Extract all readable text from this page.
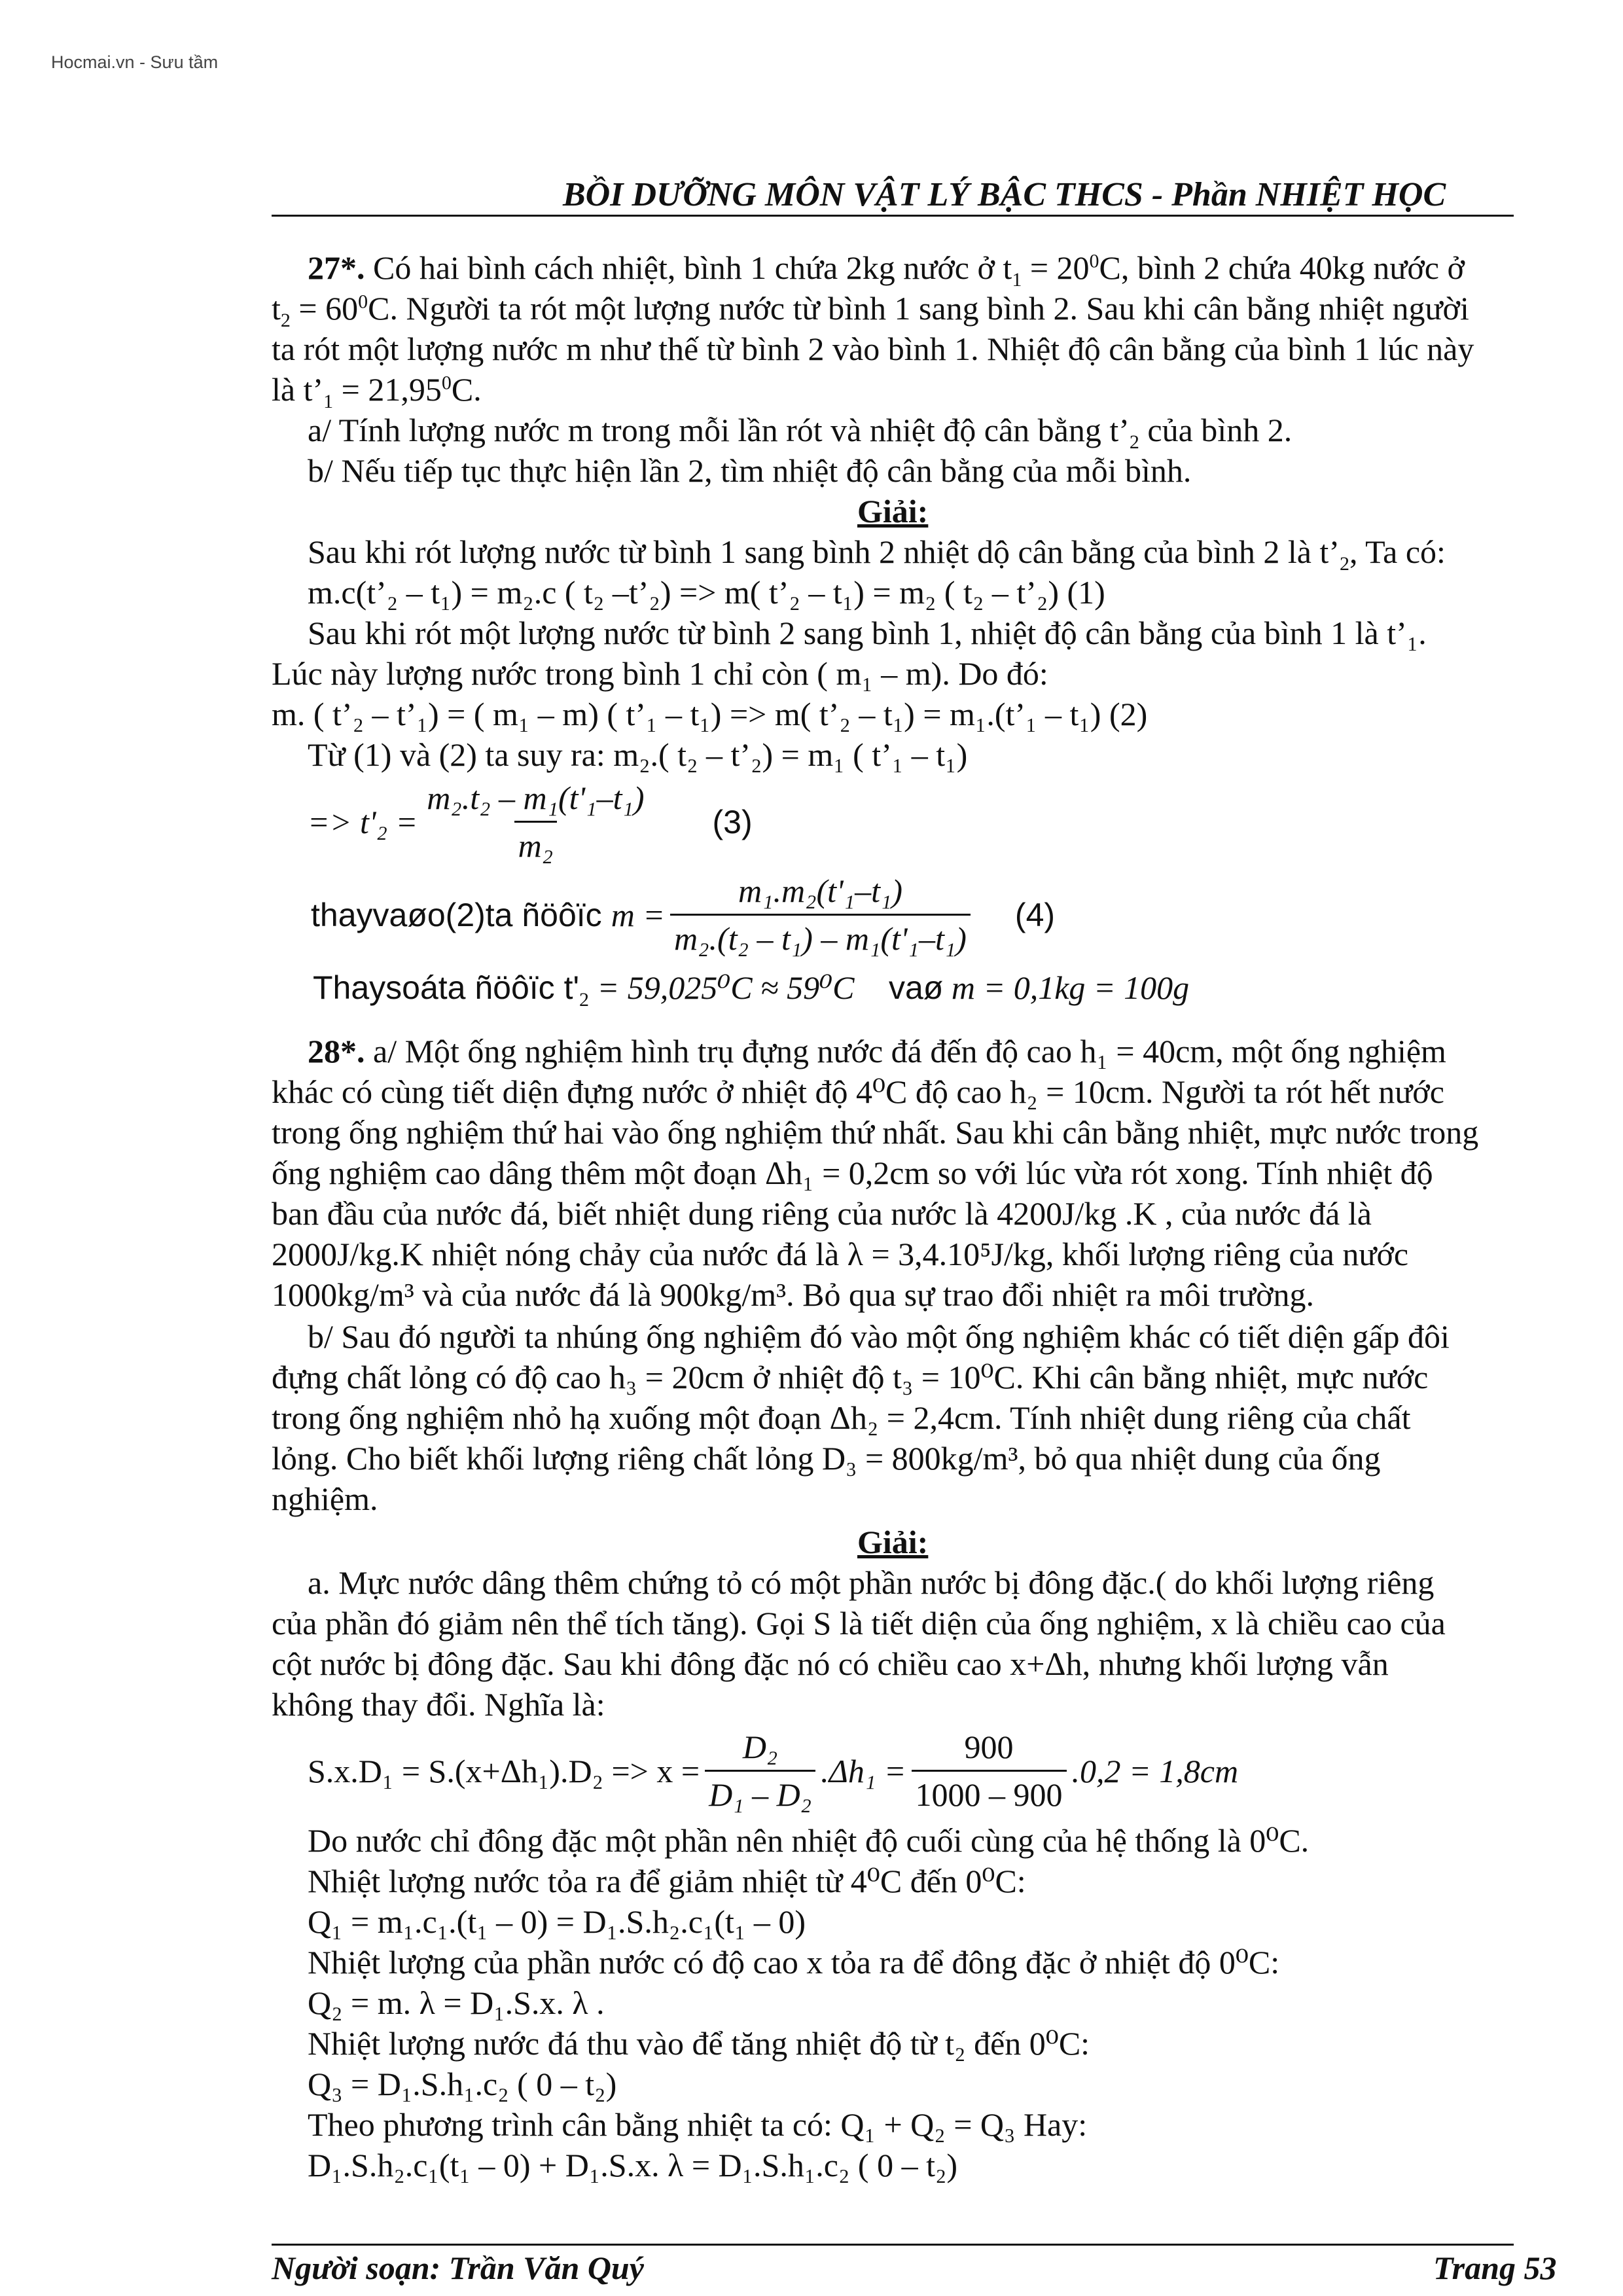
Hocmai.vn - Sưu tầm
BỒI DƯỠNG MÔN VẬT LÝ BẬC THCS - Phần NHIỆT HỌC
27*. Có hai bình cách nhiệt, bình 1 chứa 2kg nước ở $t_1 = 20^0C$, bình 2 chứa 40kg nước ở
$t_2 = 60^0C$. Người ta rót một lượng nước từ bình 1 sang bình 2. Sau khi cân bằng nhiệt người
ta rót một lượng nước m như thế từ bình 2 vào bình 1. Nhiệt độ cân bằng của bình 1 lúc này
là $t’_1 = 21,95^0C$.
a/ Tính lượng nước m trong mỗi lần rót và nhiệt độ cân bằng $t’_2$ của bình 2.
b/ Nếu tiếp tục thực hiện lần 2, tìm nhiệt độ cân bằng của mỗi bình.
Giải:
Sau khi rót lượng nước từ bình 1 sang bình 2 nhiệt dộ cân bằng của bình 2 là $t’_2$, Ta có:
m.c(t’₂ – t₁) = m₂.c ( t₂ –t’₂) => m( t’₂ – t₁) = m₂ ( t₂ – t’₂) (1)
Sau khi rót một lượng nước từ bình 2 sang bình 1, nhiệt độ cân bằng của bình 1 là t’₁.
Lúc này lượng nước trong bình 1 chỉ còn ( m₁ – m). Do đó:
m. ( t’₂ – t’₁) = ( m₁ – m) ( t’₁ – t₁) => m( t’₂ – t₁) = m₁.(t’₁ – t₁) (2)
Từ (1) và (2) ta suy ra: m₂.( t₂ – t’₂) = m₁ ( t’₁ – t₁)
=> $t'_2 = \frac{\text{m₂.t₂ – m₁(t'₁–t₁)}}{\text{m₂}} (3)$
thayvaøo(2)ta ñöôïc $m = \frac{\text{m₁.m₂(t'₁–t₁)}}{\text{m₂.(t₂ – t₁) – m₁(t'₁–t₁)}} (4)$
Thaysoáta ñöôïc $t'_2 = 59,025^0C \approx 59^0C$ vaø m = 0,1kg = 100g
28*. a/ Một ống nghiệm hình trụ đựng nước đá đến độ cao h₁ = 40cm, một ống nghiệm
khác có cùng tiết diện đựng nước ở nhiệt độ 4⁰C độ cao h₂ = 10cm. Người ta rót hết nước
trong ống nghiệm thứ hai vào ống nghiệm thứ nhất. Sau khi cân bằng nhiệt, mực nước trong
ống nghiệm cao dâng thêm một đoạn Δh₁ = 0,2cm so với lúc vừa rót xong. Tính nhiệt độ
ban đầu của nước đá, biết nhiệt dung riêng của nước là 4200J/kg .K , của nước đá là
2000J/kg.K nhiệt nóng chảy của nước đá là λ = 3,4.10⁵J/kg, khối lượng riêng của nước
1000kg/m³ và của nước đá là 900kg/m³. Bỏ qua sự trao đổi nhiệt ra môi trường.
b/ Sau đó người ta nhúng ống nghiệm đó vào một ống nghiệm khác có tiết diện gấp đôi
đựng chất lỏng có độ cao h₃ = 20cm ở nhiệt độ t₃ = 10⁰C. Khi cân bằng nhiệt, mực nước
trong ống nghiệm nhỏ hạ xuống một đoạn Δh₂ = 2,4cm. Tính nhiệt dung riêng của chất
lỏng. Cho biết khối lượng riêng chất lỏng D₃ = 800kg/m³, bỏ qua nhiệt dung của ống
nghiệm.
Giải:
a. Mực nước dâng thêm chứng tỏ có một phần nước bị đông đặc.( do khối lượng riêng
của phần đó giảm nên thể tích tăng). Gọi S là tiết diện của ống nghiệm, x là chiều cao của
cột nước bị đông đặc. Sau khi đông đặc nó có chiều cao x+Δh, nhưng khối lượng vẫn
không thay đổi. Nghĩa là:
$S.x.D_1 = S.(x+\Delta h_1).D_2 => x = \frac{\text{D₂}}{\text{D₁ – D₂}} .\Delta h_1 = \frac{900}{1000 - 900} .0,2 = 1,8cm$
Do nước chỉ đông đặc một phần nên nhiệt độ cuối cùng của hệ thống là 0⁰C.
Nhiệt lượng nước tỏa ra để giảm nhiệt từ 4⁰C đến 0⁰C:
Q₁ = m₁.c₁.(t₁ – 0) = D₁.S.h₂.c₁(t₁ – 0)
Nhiệt lượng của phần nước có độ cao x tỏa ra để đông đặc ở nhiệt độ 0⁰C:
Q₂ = m. λ = D₁.S.x. λ .
Nhiệt lượng nước đá thu vào để tăng nhiệt độ từ t₂ đến 0⁰C:
Q₃ = D₁.S.h₁.c₂ ( 0 – t₂)
Theo phương trình cân bằng nhiệt ta có: Q₁ + Q₂ = Q₃ Hay:
D₁.S.h₂.c₁(t₁ – 0) + D₁.S.x. λ = D₁.S.h₁.c₂ ( 0 – t₂)
Người soạn: Trần Văn Quý	Trang 53
